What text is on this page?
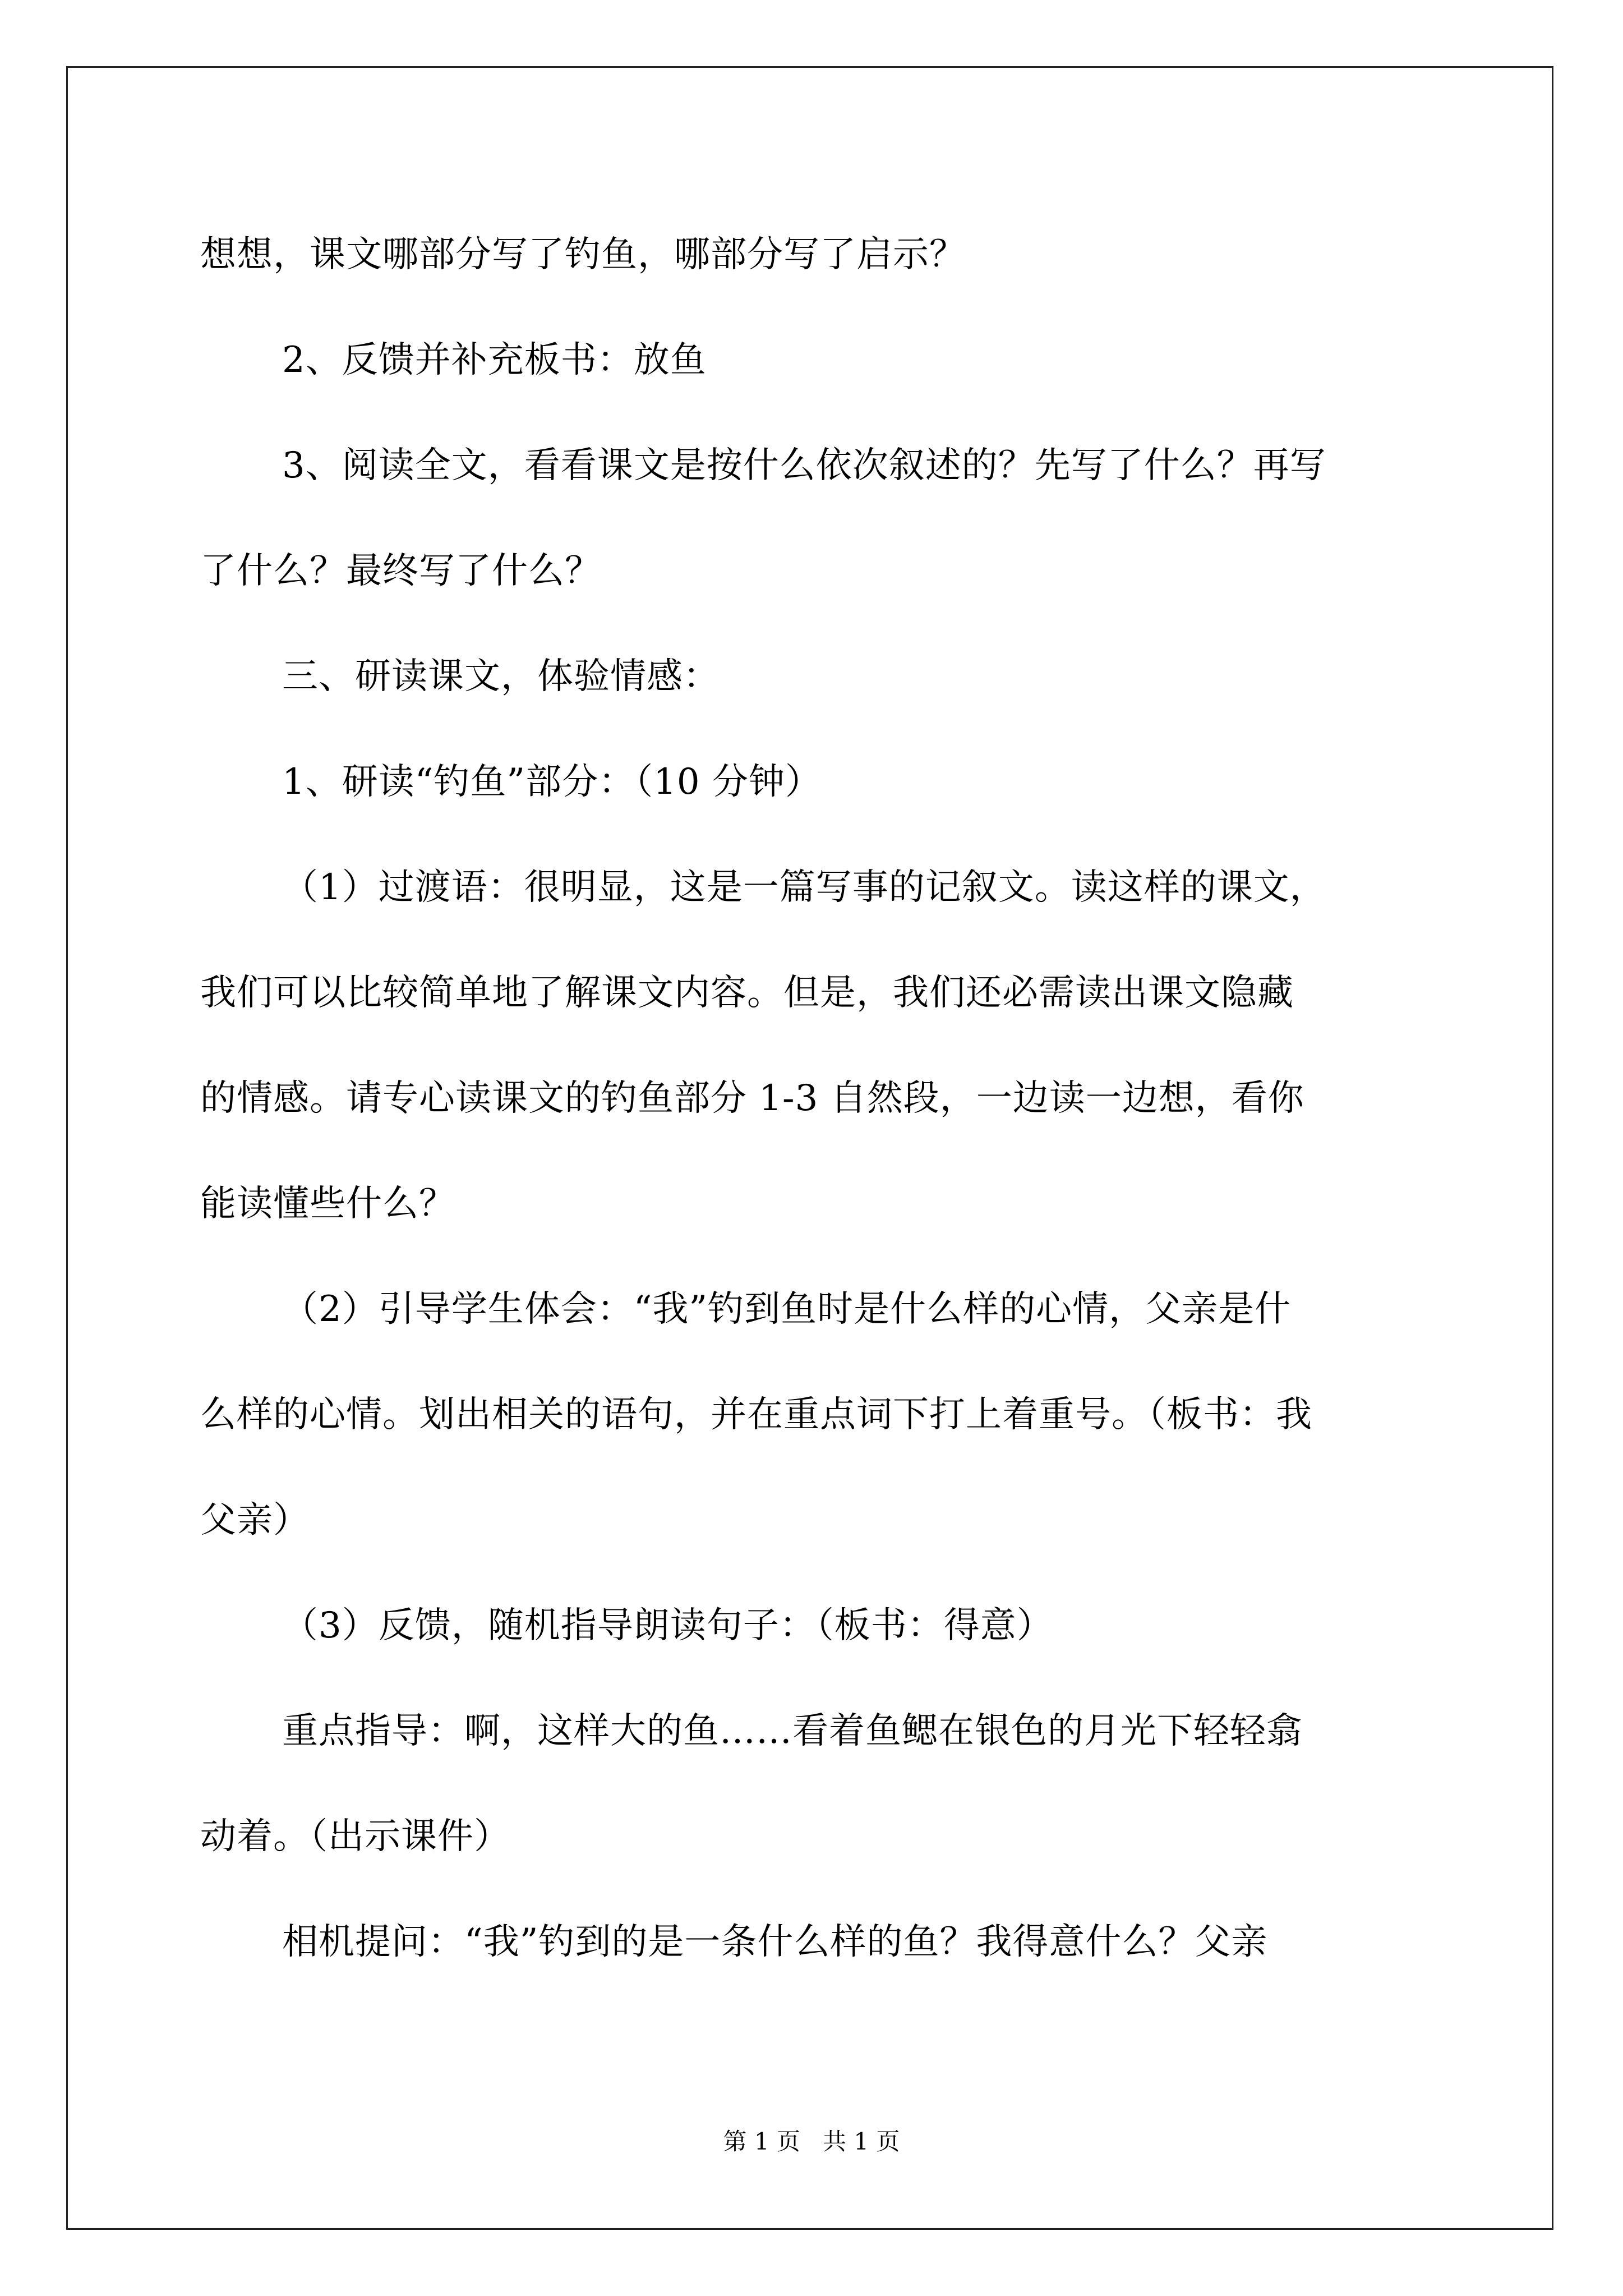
想想，课文哪部分写了钓鱼，哪部分写了启示？
2、反馈并补充板书：放鱼
3、阅读全文，看看课文是按什么依次叙述的？先写了什么？再写
了什么？最终写了什么？
三、研读课文，体验情感：
1、研读“钓鱼”部分：（10 分钟）
（1）过渡语：很明显，这是一篇写事的记叙文。读这样的课文，
我们可以比较简单地了解课文内容。但是，我们还必需读出课文隐藏
的情感。请专心读课文的钓鱼部分 1-3 自然段，一边读一边想，看你
能读懂些什么？
（2）引导学生体会：“我”钓到鱼时是什么样的心情，父亲是什
么样的心情。划出相关的语句，并在重点词下打上着重号。（板书：我
父亲）
（3）反馈，随机指导朗读句子：（板书：得意）
重点指导：啊，这样大的鱼……看着鱼鳃在银色的月光下轻轻翕
动着。（出示课件）
相机提问：“我”钓到的是一条什么样的鱼？我得意什么？父亲
第 1 页   共 1 页
